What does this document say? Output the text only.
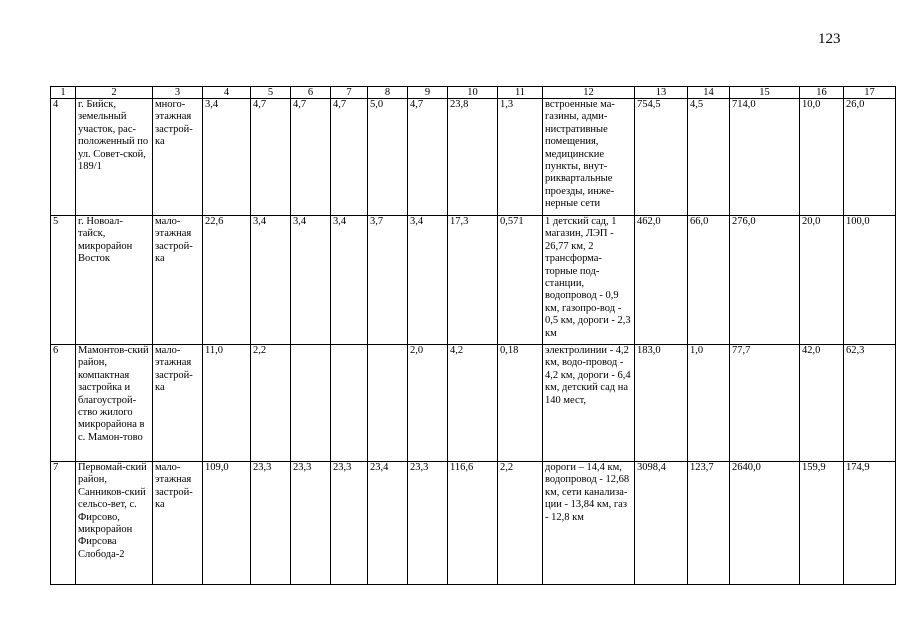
123
1	2	3	4	5	6	7	8	9	10	11	12	13	14	15	16	17
4	г. Бийск, земельный участок, рас-положенный по ул. Совет-ской, 189/1	много-этажная застрой-ка	3,4	4,7	4,7	4,7	5,0	4,7	23,8	1,3	встроенные ма-газины, адми-нистративные помещения, медицинские пункты, внут-риквартальные проезды, инже-нерные сети	754,5	4,5	714,0	10,0	26,0
5	г. Новоал-тайск, микрорайон Восток	мало-этажная застрой-ка	22,6	3,4	3,4	3,4	3,7	3,4	17,3	0,571	1 детский сад, 1 магазин, ЛЭП - 26,77 км, 2 трансформа-торные под-станции, водопровод - 0,9 км, газопро-вод - 0,5 км, дороги - 2,3 км	462,0	66,0	276,0	20,0	100,0
6	Мамонтов-ский район, компактная застройка и благоустрой-ство жилого микрорайона в с. Мамон-тово	мало-этажная застрой-ка	11,0	2,2				2,0	4,2	0,18	электролинии - 4,2 км, водо-провод - 4,2 км, дороги - 6,4 км, детский сад на 140 мест,	183,0	1,0	77,7	42,0	62,3
7	Первомай-ский район, Санников-ский сельсо-вет, с. Фирсово, микрорайон Фирсова Слобода-2	мало-этажная застрой-ка	109,0	23,3	23,3	23,3	23,4	23,3	116,6	2,2	дороги – 14,4 км, водопровод - 12,68 км, сети канализа-ции - 13,84 км, газ - 12,8 км	3098,4	123,7	2640,0	159,9	174,9
